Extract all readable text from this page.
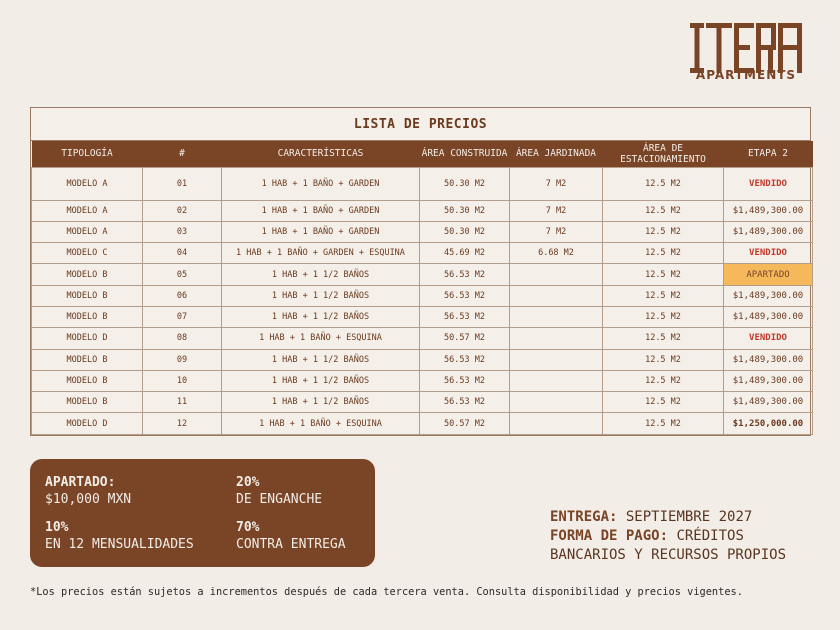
APARTMENTS
LISTA DE PRECIOS
TIPOLOGÍA	#	CARACTERÍSTICAS	ÁREA CONSTRUIDA	ÁREA JARDINADA	ÁREA DE ESTACIONAMIENTO	ETAPA 2
MODELO A	01	1 HAB + 1 BAÑO + GARDEN	50.30 M2	7 M2	12.5 M2	VENDIDO
MODELO A	02	1 HAB + 1 BAÑO + GARDEN	50.30 M2	7 M2	12.5 M2	$1,489,300.00
MODELO A	03	1 HAB + 1 BAÑO + GARDEN	50.30 M2	7 M2	12.5 M2	$1,489,300.00
MODELO C	04	1 HAB + 1 BAÑO + GARDEN + ESQUINA	45.69 M2	6.68 M2	12.5 M2	VENDIDO
MODELO B	05	1 HAB + 1 1/2 BAÑOS	56.53 M2		12.5 M2	APARTADO
MODELO B	06	1 HAB + 1 1/2 BAÑOS	56.53 M2		12.5 M2	$1,489,300.00
MODELO B	07	1 HAB + 1 1/2 BAÑOS	56.53 M2		12.5 M2	$1,489,300.00
MODELO D	08	1 HAB + 1 BAÑO + ESQUINA	50.57 M2		12.5 M2	VENDIDO
MODELO B	09	1 HAB + 1 1/2 BAÑOS	56.53 M2		12.5 M2	$1,489,300.00
MODELO B	10	1 HAB + 1 1/2 BAÑOS	56.53 M2		12.5 M2	$1,489,300.00
MODELO B	11	1 HAB + 1 1/2 BAÑOS	56.53 M2		12.5 M2	$1,489,300.00
MODELO D	12	1 HAB + 1 BAÑO + ESQUINA	50.57 M2		12.5 M2	$1,250,000.00
APARTADO:
$10,000 MXN
20%
DE ENGANCHE
10%
EN 12 MENSUALIDADES
70%
CONTRA ENTREGA
ENTREGA: SEPTIEMBRE 2027
FORMA DE PAGO: CRÉDITOS BANCARIOS Y RECURSOS PROPIOS
*Los precios están sujetos a incrementos después de cada tercera venta. Consulta disponibilidad y precios vigentes.
